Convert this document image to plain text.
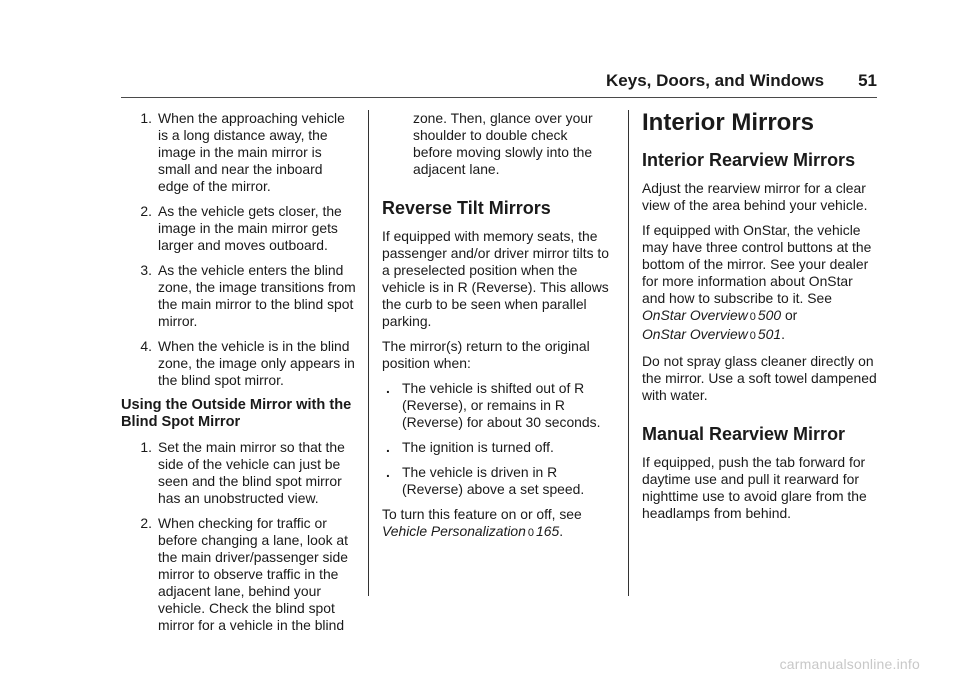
Keys, Doors, and Windows 51
1. When the approaching vehicle is a long distance away, the image in the main mirror is small and near the inboard edge of the mirror.
2. As the vehicle gets closer, the image in the main mirror gets larger and moves outboard.
3. As the vehicle enters the blind zone, the image transitions from the main mirror to the blind spot mirror.
4. When the vehicle is in the blind zone, the image only appears in the blind spot mirror.
Using the Outside Mirror with the Blind Spot Mirror
1. Set the main mirror so that the side of the vehicle can just be seen and the blind spot mirror has an unobstructed view.
2. When checking for traffic or before changing a lane, look at the main driver/passenger side mirror to observe traffic in the adjacent lane, behind your vehicle. Check the blind spot mirror for a vehicle in the blind
zone. Then, glance over your shoulder to double check before moving slowly into the adjacent lane.
Reverse Tilt Mirrors

If equipped with memory seats, the passenger and/or driver mirror tilts to a preselected position when the vehicle is in R (Reverse). This allows the curb to be seen when parallel parking.

The mirror(s) return to the original position when:

. The vehicle is shifted out of R (Reverse), or remains in R (Reverse) for about 30 seconds.
. The ignition is turned off.
. The vehicle is driven in R (Reverse) above a set speed.

To turn this feature on or off, see
Vehicle Personalization 0 165.

Interior Mirrors
Interior Rearview Mirrors

Adjust the rearview mirror for a clear view of the area behind your vehicle.

If equipped with OnStar, the vehicle may have three control buttons at the bottom of the mirror. See your dealer for more information about OnStar and how to subscribe to it. See OnStar Overview 0 500 or
OnStar Overview 0 501.

Do not spray glass cleaner directly on the mirror. Use a soft towel dampened with water.

Manual Rearview Mirror

If equipped, push the tab forward for daytime use and pull it rearward for nighttime use to avoid glare from the headlamps from behind.

carmanualsonline.info
